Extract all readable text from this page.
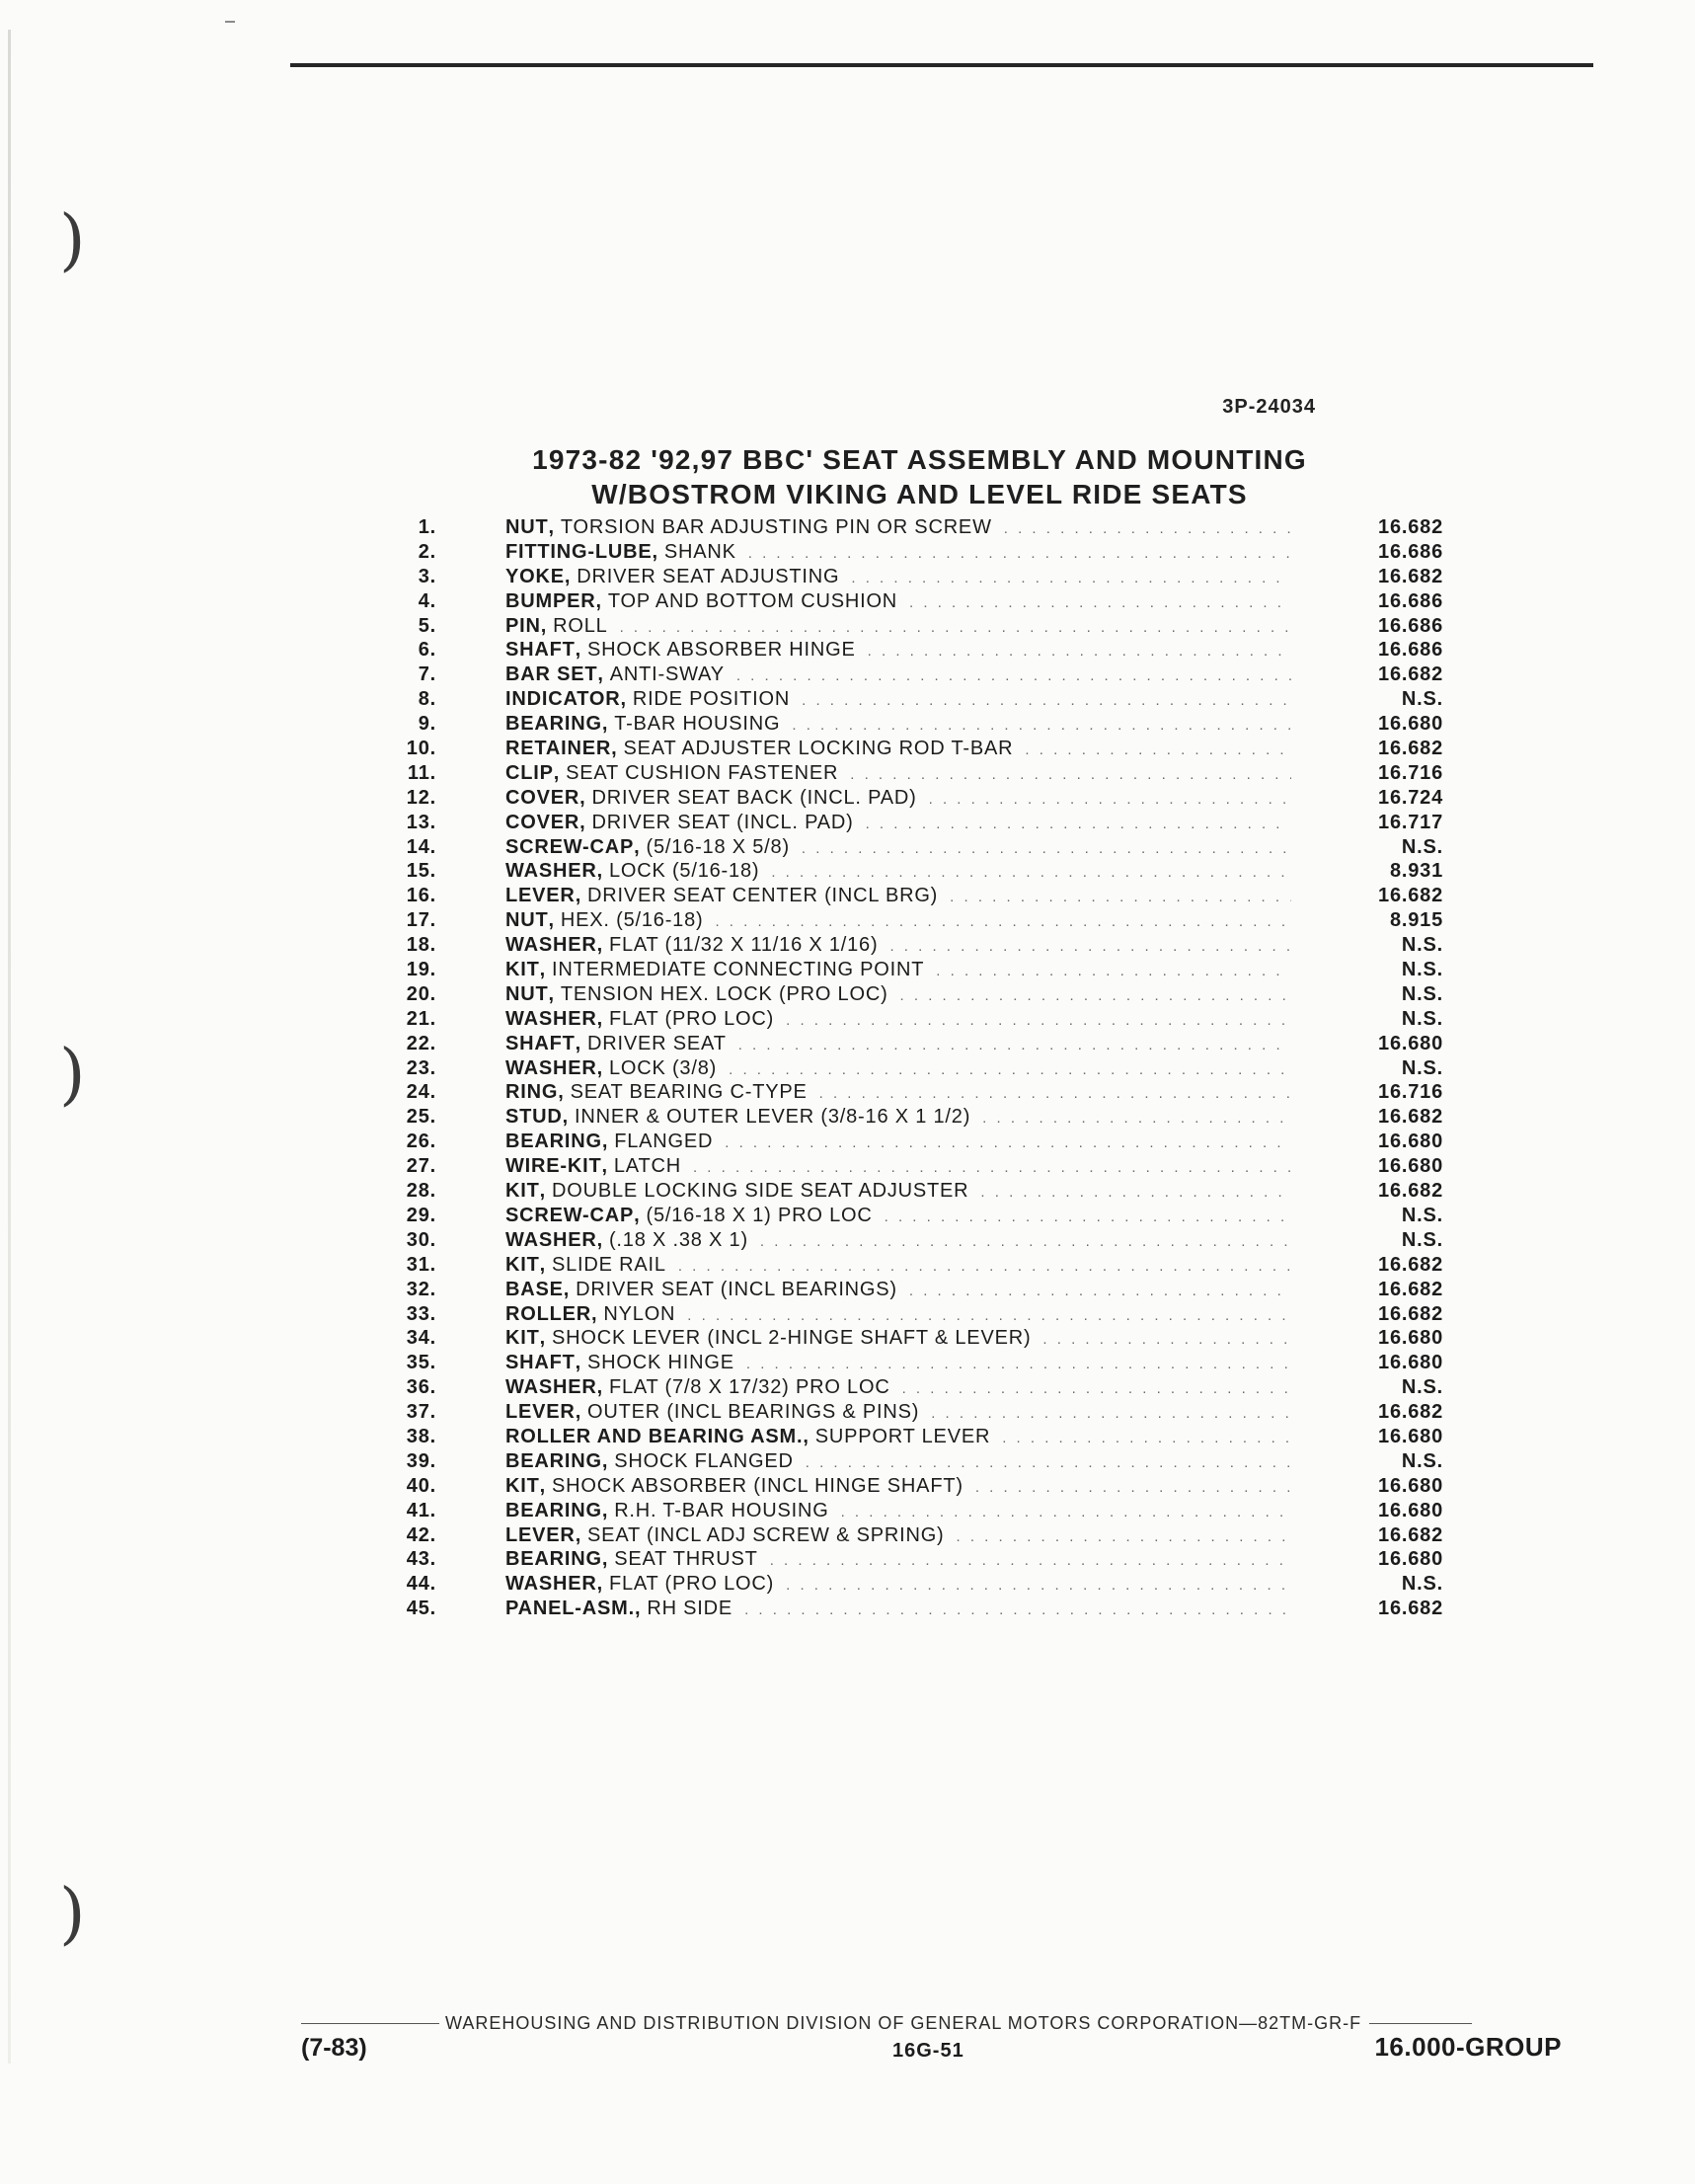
)
)
)
3P-24034
1973-82 '92,97 BBC' SEAT ASSEMBLY AND MOUNTING
W/BOSTROM VIKING AND LEVEL RIDE SEATS
1.	NUT , TORSION BAR ADJUSTING PIN OR SCREW . . .	16.682
2.	FITTING-LUBE , SHANK . . .	16.686
3.	YOKE , DRIVER SEAT ADJUSTING . . .	16.682
4.	BUMPER , TOP AND BOTTOM CUSHION . . .	16.686
5.	PIN , ROLL . . .	16.686
6.	SHAFT , SHOCK ABSORBER HINGE . . .	16.686
7.	BAR SET , ANTI-SWAY . . .	16.682
8.	INDICATOR , RIDE POSITION . . .	N.S.
9.	BEARING , T-BAR HOUSING . . .	16.680
10.	RETAINER , SEAT ADJUSTER LOCKING ROD T-BAR . . .	16.682
11.	CLIP , SEAT CUSHION FASTENER . . .	16.716
12.	COVER , DRIVER SEAT BACK (INCL. PAD) . . .	16.724
13.	COVER , DRIVER SEAT (INCL. PAD) . . .	16.717
14.	SCREW-CAP , (5/16-18 X 5/8) . . .	N.S.
15.	WASHER , LOCK (5/16-18) . . .	8.931
16.	LEVER , DRIVER SEAT CENTER (INCL BRG) . . .	16.682
17.	NUT , HEX. (5/16-18) . . .	8.915
18.	WASHER , FLAT (11/32 X 11/16 X 1/16) . . .	N.S.
19.	KIT , INTERMEDIATE CONNECTING POINT . . .	N.S.
20.	NUT , TENSION HEX. LOCK (PRO LOC) . . .	N.S.
21.	WASHER , FLAT (PRO LOC) . . .	N.S.
22.	SHAFT , DRIVER SEAT . . .	16.680
23.	WASHER , LOCK (3/8) . . .	N.S.
24.	RING , SEAT BEARING C-TYPE . . .	16.716
25.	STUD , INNER & OUTER LEVER (3/8-16 X 1 1/2) . . .	16.682
26.	BEARING , FLANGED . . .	16.680
27.	WIRE-KIT , LATCH . . .	16.680
28.	KIT , DOUBLE LOCKING SIDE SEAT ADJUSTER . . .	16.682
29.	SCREW-CAP , (5/16-18 X 1) PRO LOC . . .	N.S.
30.	WASHER , (.18 X .38 X 1) . . .	N.S.
31.	KIT , SLIDE RAIL . . .	16.682
32.	BASE , DRIVER SEAT (INCL BEARINGS) . . .	16.682
33.	ROLLER , NYLON . . .	16.682
34.	KIT , SHOCK LEVER (INCL 2-HINGE SHAFT & LEVER) . . .	16.680
35.	SHAFT , SHOCK HINGE . . .	16.680
36.	WASHER , FLAT (7/8 X 17/32) PRO LOC . . .	N.S.
37.	LEVER , OUTER (INCL BEARINGS & PINS) . . .	16.682
38.	ROLLER AND BEARING ASM. , SUPPORT LEVER . . .	16.680
39.	BEARING , SHOCK FLANGED . . .	N.S.
40.	KIT , SHOCK ABSORBER (INCL HINGE SHAFT) . . .	16.680
41.	BEARING , R.H. T-BAR HOUSING . . .	16.680
42.	LEVER , SEAT (INCL ADJ SCREW & SPRING) . . .	16.682
43.	BEARING , SEAT THRUST . . .	16.680
44.	WASHER , FLAT (PRO LOC) . . .	N.S.
45.	PANEL-ASM. , RH SIDE . . .	16.682
WAREHOUSING AND DISTRIBUTION DIVISION OF GENERAL MOTORS CORPORATION—82TM-GR-F
(7-83)	16G-51	16.000-GROUP
